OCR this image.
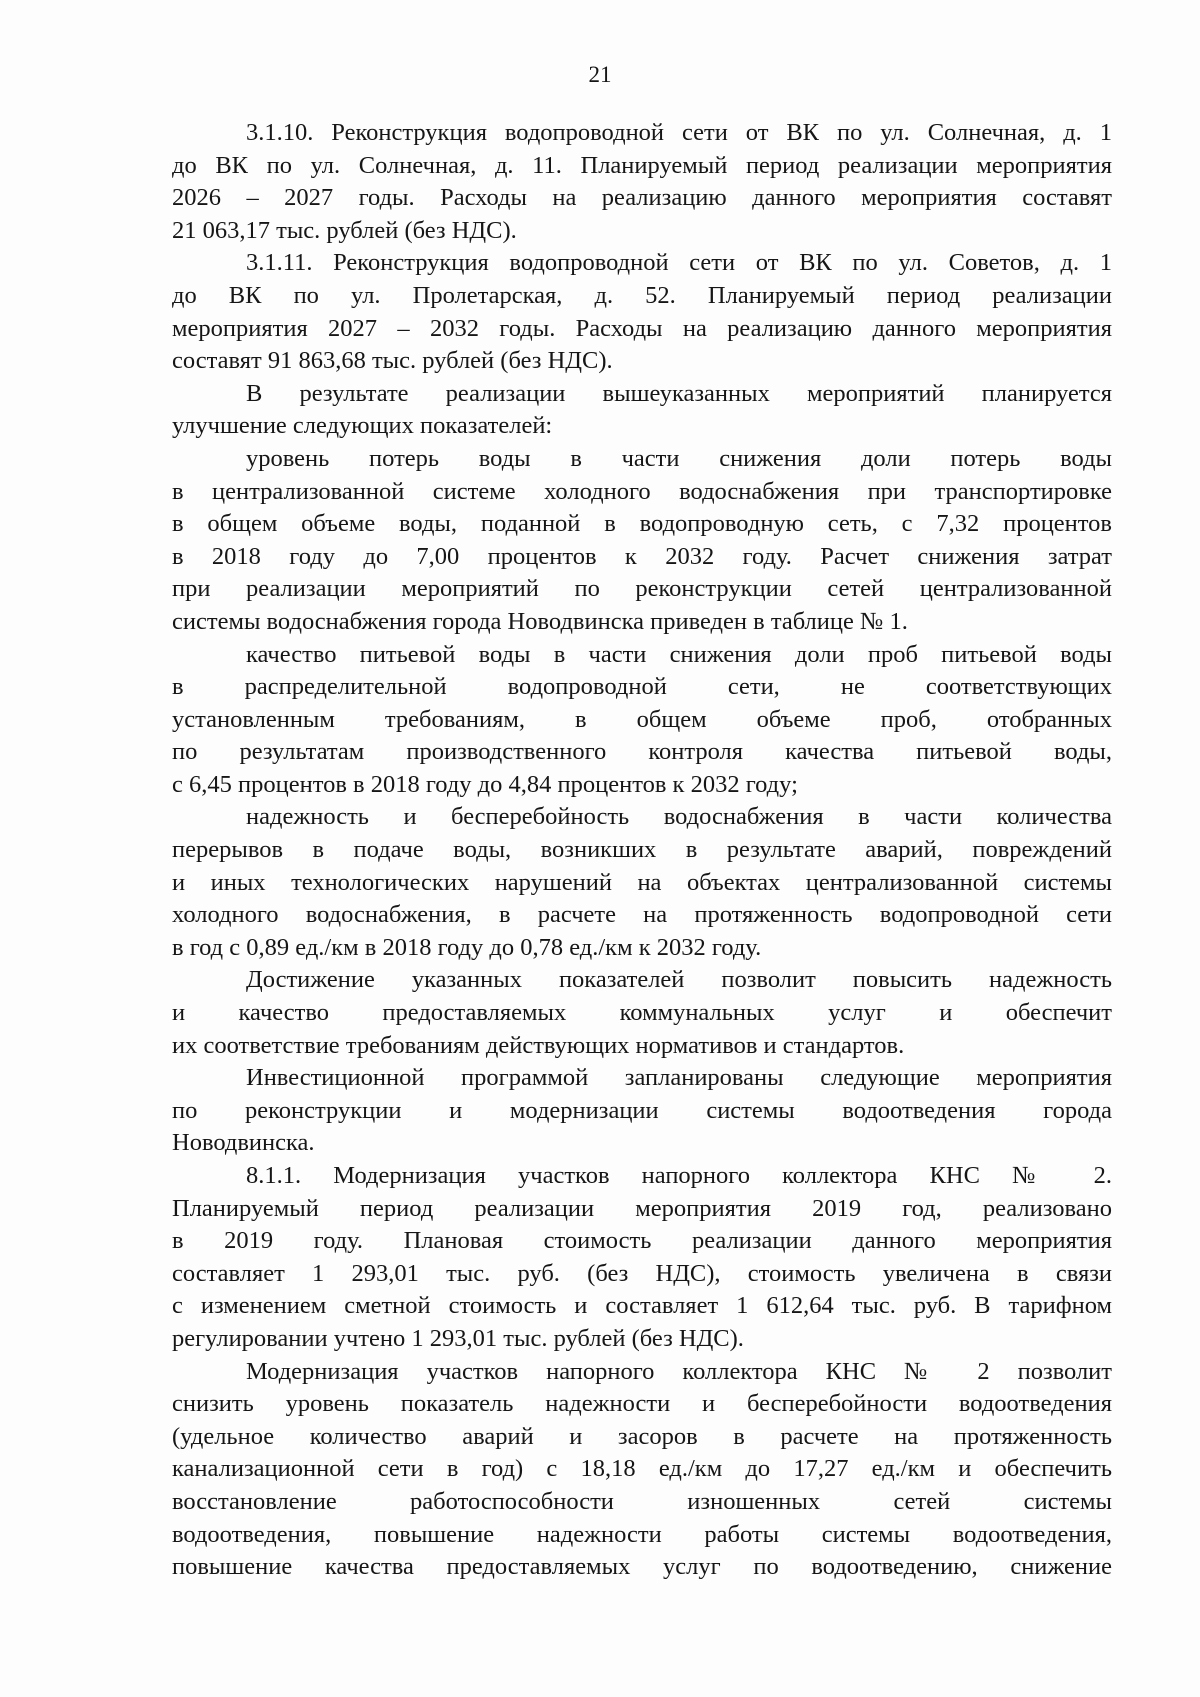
21

3.1.10. Реконструкция водопроводной сети от ВК по ул. Солнечная, д. 1
до ВК по ул. Солнечная, д. 11. Планируемый период реализации мероприятия
2026 – 2027 годы. Расходы на реализацию данного мероприятия составят
21 063,17 тыс. рублей (без НДС).

3.1.11. Реконструкция водопроводной сети от ВК по ул. Советов, д. 1
до ВК по ул. Пролетарская, д. 52. Планируемый период реализации
мероприятия 2027 – 2032 годы. Расходы на реализацию данного мероприятия
составят 91 863,68 тыс. рублей (без НДС).

В результате реализации вышеуказанных мероприятий планируется
улучшение следующих показателей:

уровень потерь воды в части снижения доли потерь воды
в централизованной системе холодного водоснабжения при транспортировке
в общем объеме воды, поданной в водопроводную сеть, с 7,32 процентов
в 2018 году до 7,00 процентов к 2032 году. Расчет снижения затрат
при реализации мероприятий по реконструкции сетей централизованной
системы водоснабжения города Новодвинска приведен в таблице № 1.

качество питьевой воды в части снижения доли проб питьевой воды
в распределительной водопроводной сети, не соответствующих
установленным требованиям, в общем объеме проб, отобранных
по результатам производственного контроля качества питьевой воды,
с 6,45 процентов в 2018 году до 4,84 процентов к 2032 году;

надежность и бесперебойность водоснабжения в части количества
перерывов в подаче воды, возникших в результате аварий, повреждений
и иных технологических нарушений на объектах централизованной системы
холодного водоснабжения, в расчете на протяженность водопроводной сети
в год с 0,89 ед./км в 2018 году до 0,78 ед./км к 2032 году.

Достижение указанных показателей позволит повысить надежность
и качество предоставляемых коммунальных услуг и обеспечит
их соответствие требованиям действующих нормативов и стандартов.

Инвестиционной программой запланированы следующие мероприятия
по реконструкции и модернизации системы водоотведения города
Новодвинска.

8.1.1. Модернизация участков напорного коллектора КНС № 2.
Планируемый период реализации мероприятия 2019 год, реализовано
в 2019 году. Плановая стоимость реализации данного мероприятия
составляет 1 293,01 тыс. руб. (без НДС), стоимость увеличена в связи
с изменением сметной стоимость и составляет 1 612,64 тыс. руб. В тарифном
регулировании учтено 1 293,01 тыс. рублей (без НДС).

Модернизация участков напорного коллектора КНС № 2 позволит
снизить уровень показатель надежности и бесперебойности водоотведения
(удельное количество аварий и засоров в расчете на протяженность
канализационной сети в год) с 18,18 ед./км до 17,27 ед./км и обеспечить
восстановление работоспособности изношенных сетей системы
водоотведения, повышение надежности работы системы водоотведения,
повышение качества предоставляемых услуг по водоотведению, снижение
